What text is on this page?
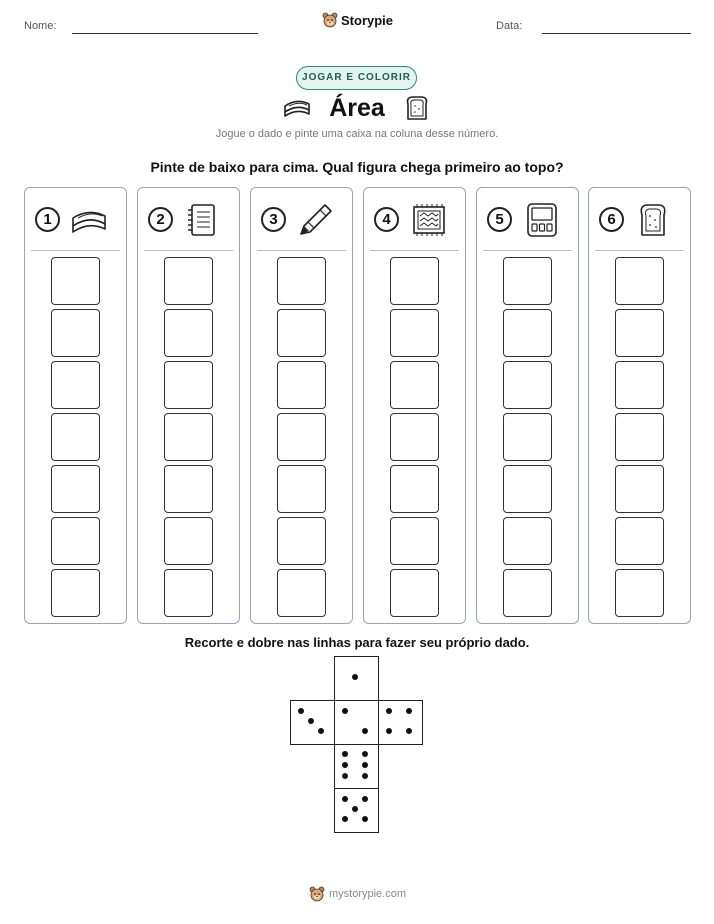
Nome:	Storypie	Data:
JOGAR E COLORIR
Área
Jogue o dado e pinte uma caixa na coluna desse número.
Pinte de baixo para cima. Qual figura chega primeiro ao topo?
1	2	3	4	5	6
Recorte e dobre nas linhas para fazer seu próprio dado.
mystorypie.com
